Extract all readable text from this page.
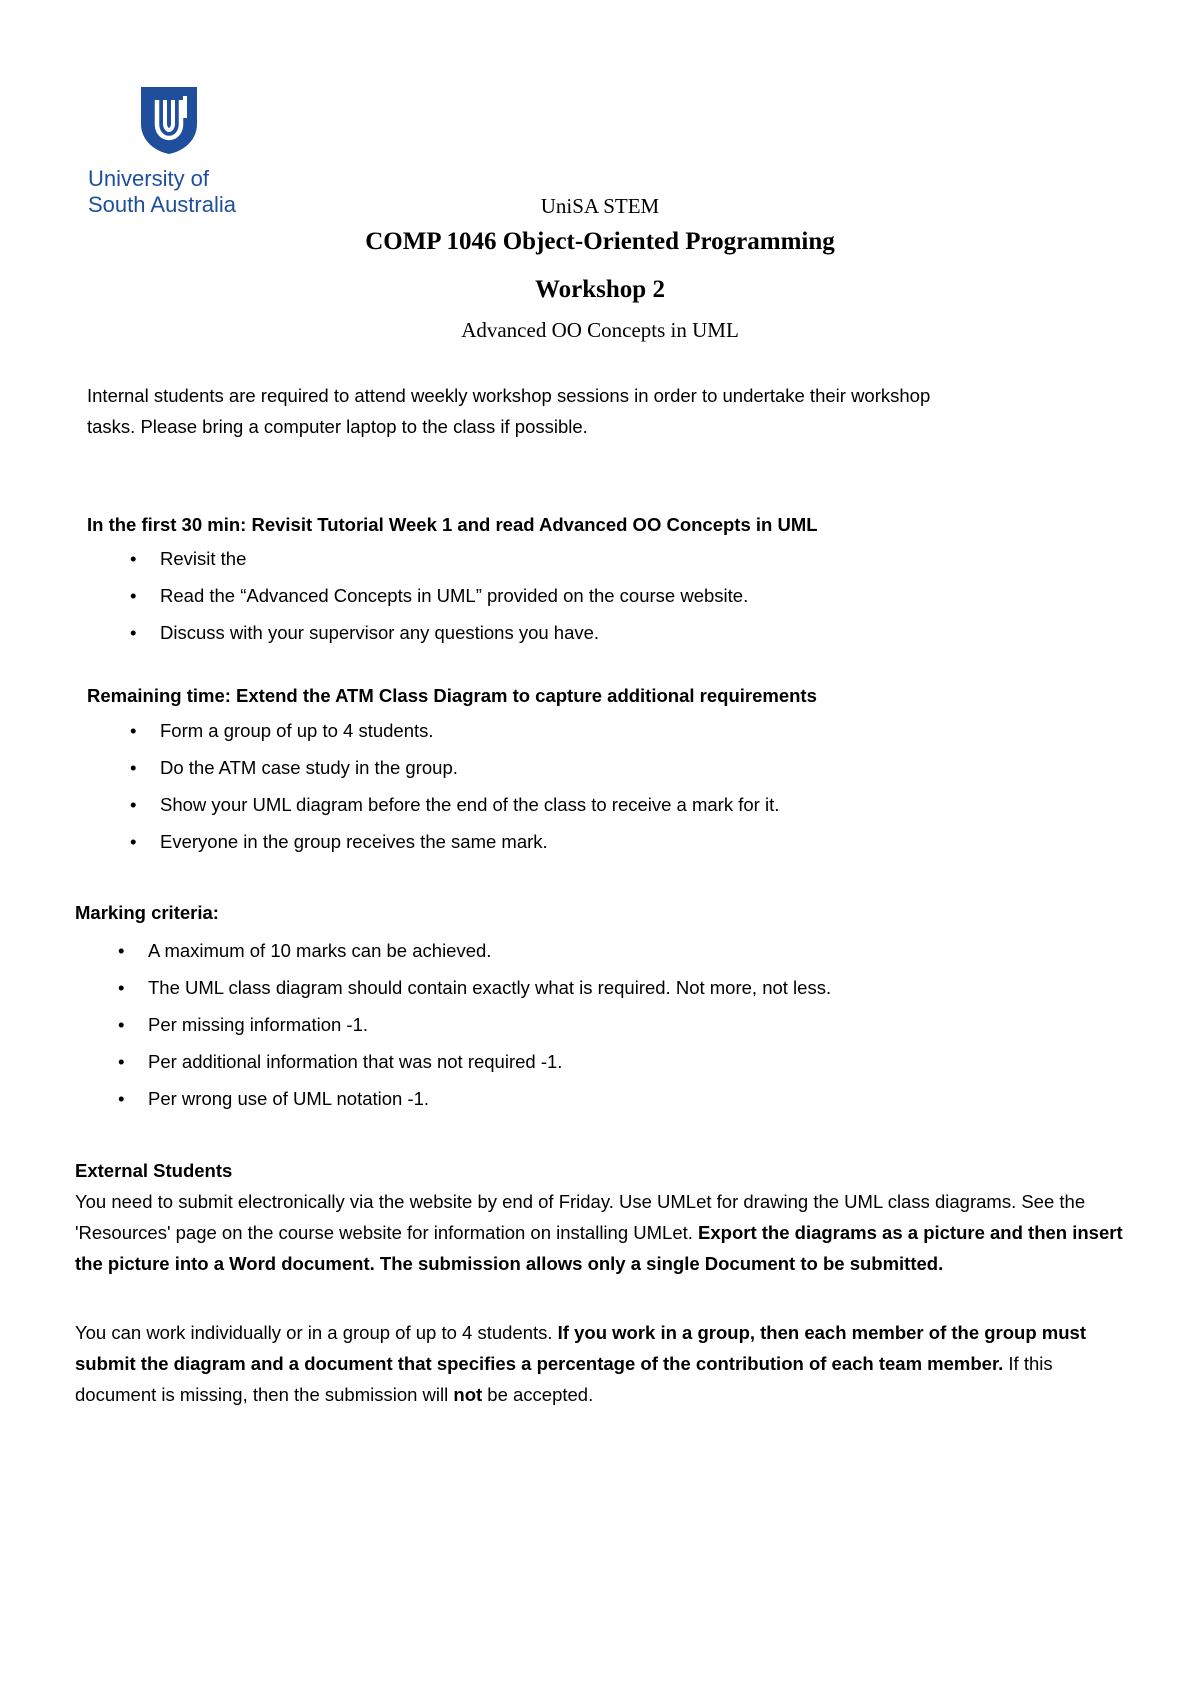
University of
South Australia	UniSA STEM
COMP 1046 Object-Oriented Programming
Workshop 2
Advanced OO Concepts in UML
Internal students are required to attend weekly workshop sessions in order to undertake their workshop
tasks. Please bring a computer laptop to the class if possible.
In the first 30 min: Revisit Tutorial Week 1 and read Advanced OO Concepts in UML
• Revisit the
• Read the “Advanced Concepts in UML” provided on the course website.
• Discuss with your supervisor any questions you have.
Remaining time: Extend the ATM Class Diagram to capture additional requirements
• Form a group of up to 4 students.
• Do the ATM case study in the group.
• Show your UML diagram before the end of the class to receive a mark for it.
• Everyone in the group receives the same mark.
Marking criteria:
• A maximum of 10 marks can be achieved.
• The UML class diagram should contain exactly what is required. Not more, not less.
• Per missing information -1.
• Per additional information that was not required -1.
• Per wrong use of UML notation -1.
External Students
You need to submit electronically via the website by end of Friday. Use UMLet for drawing the UML class diagrams. See the 'Resources' page on the course website for information on installing UMLet. Export the diagrams as a picture and then insert the picture into a Word document. The submission allows only a single Document to be submitted.
You can work individually or in a group of up to 4 students. If you work in a group, then each member of the group must submit the diagram and a document that specifies a percentage of the contribution of each team member. If this document is missing, then the submission will not be accepted.
